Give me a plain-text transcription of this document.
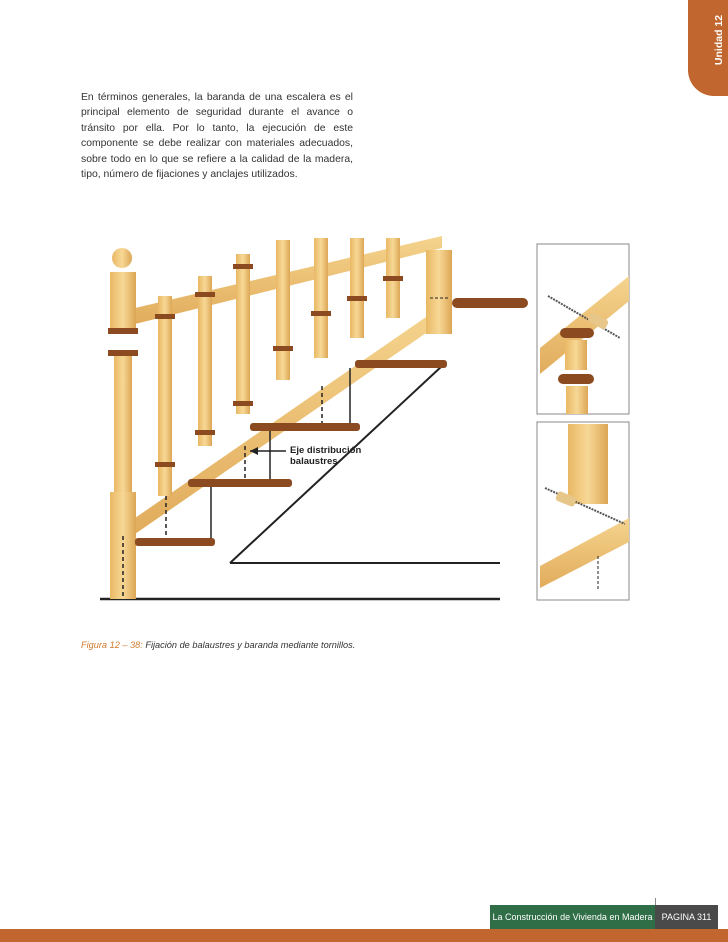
Unidad 12

En términos generales, la baranda de una escalera es el principal elemento de seguridad durante el avance o tránsito por ella. Por lo tanto, la ejecución de este componente se debe realizar con materiales adecuados, sobre todo en lo que se refiere a la calidad de la madera, tipo, número de fijaciones y anclajes utilizados.

Eje distribución
balaustres
Figura 12 – 38: Fijación de balaustres y baranda mediante tornillos.
La Construcción de Vivienda en Madera	PAGINA 311
